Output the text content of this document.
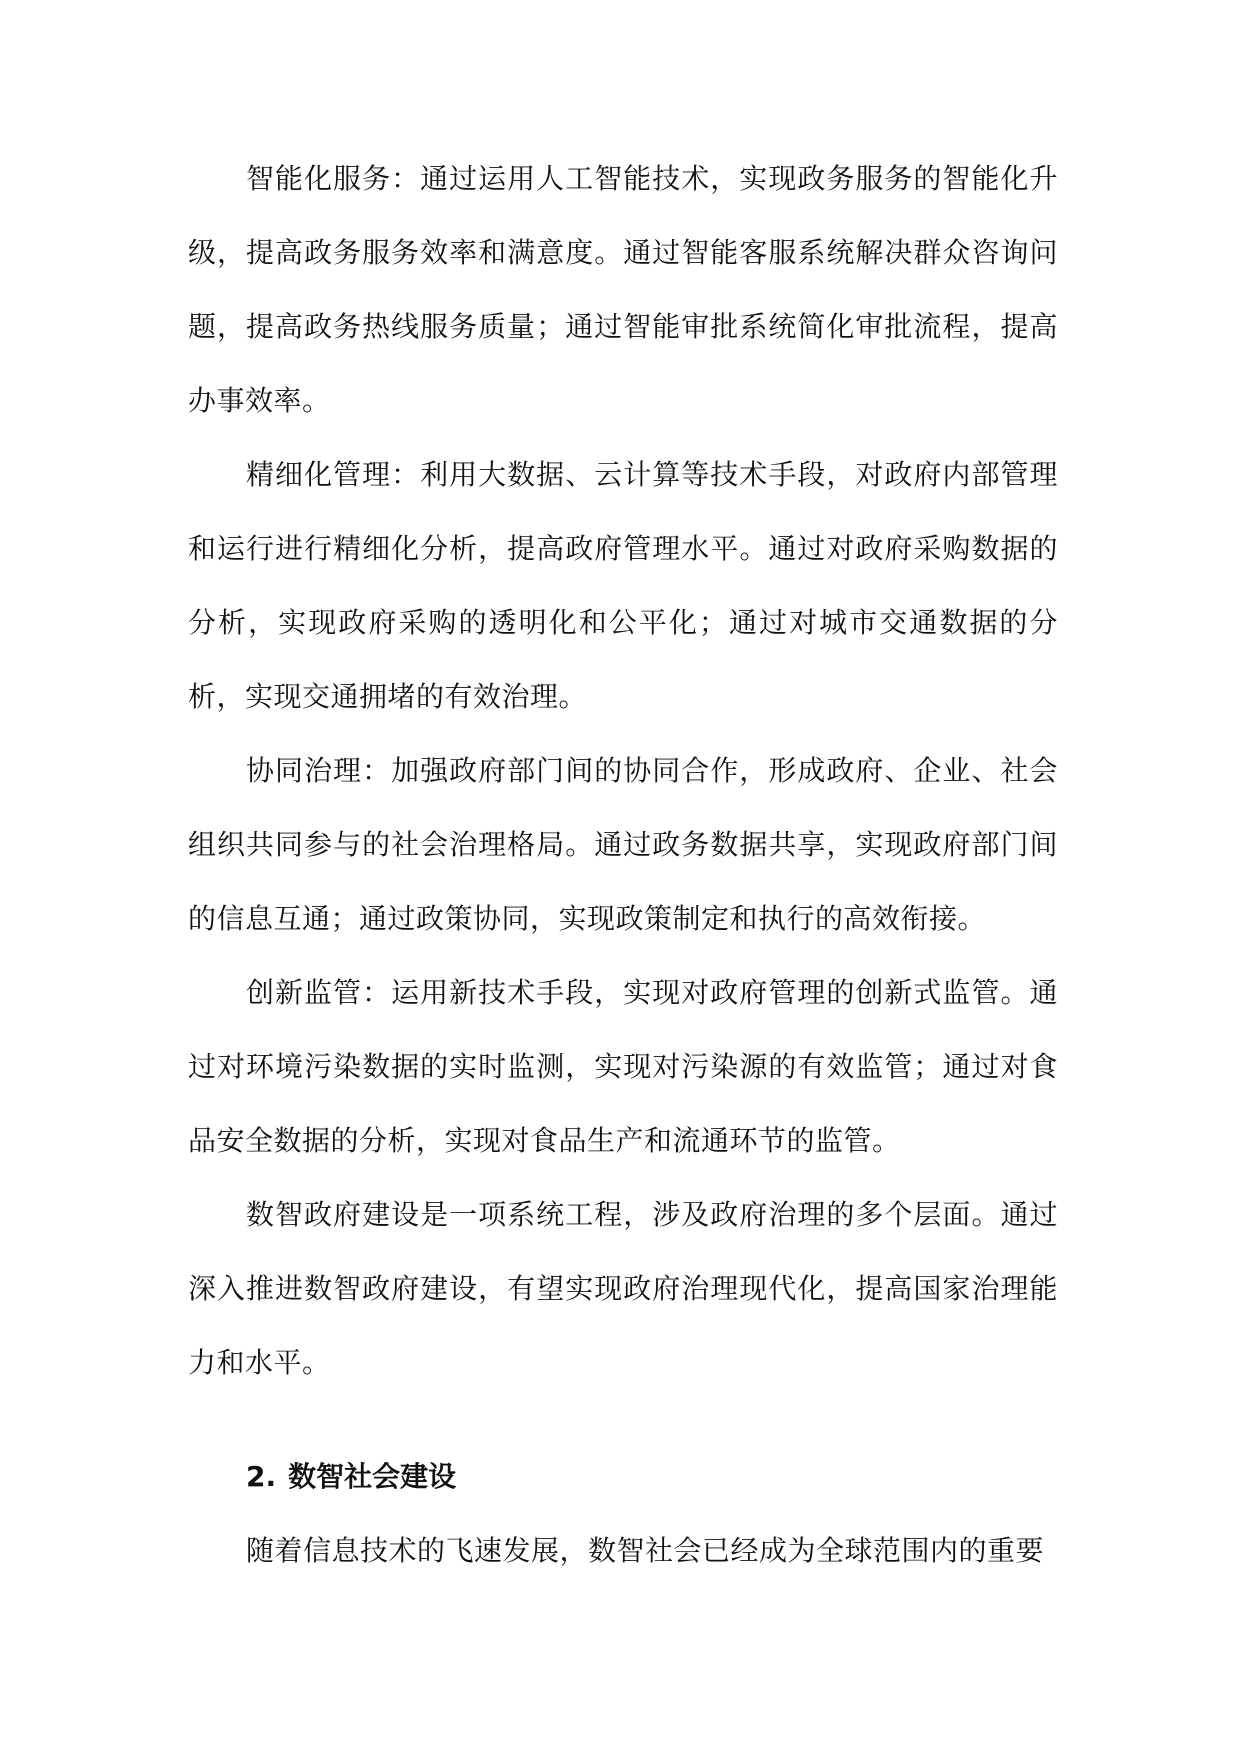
智能化服务：通过运用人工智能技术，实现政务服务的智能化升级，提高政务服务效率和满意度。通过智能客服系统解决群众咨询问题，提高政务热线服务质量；通过智能审批系统简化审批流程，提高办事效率。

精细化管理：利用大数据、云计算等技术手段，对政府内部管理和运行进行精细化分析，提高政府管理水平。通过对政府采购数据的分析，实现政府采购的透明化和公平化；通过对城市交通数据的分析，实现交通拥堵的有效治理。

协同治理：加强政府部门间的协同合作，形成政府、企业、社会组织共同参与的社会治理格局。通过政务数据共享，实现政府部门间的信息互通；通过政策协同，实现政策制定和执行的高效衔接。

创新监管：运用新技术手段，实现对政府管理的创新式监管。通过对环境污染数据的实时监测，实现对污染源的有效监管；通过对食品安全数据的分析，实现对食品生产和流通环节的监管。

数智政府建设是一项系统工程，涉及政府治理的多个层面。通过深入推进数智政府建设，有望实现政府治理现代化，提高国家治理能力和水平。

2. 数智社会建设

随着信息技术的飞速发展，数智社会已经成为全球范围内的重要
